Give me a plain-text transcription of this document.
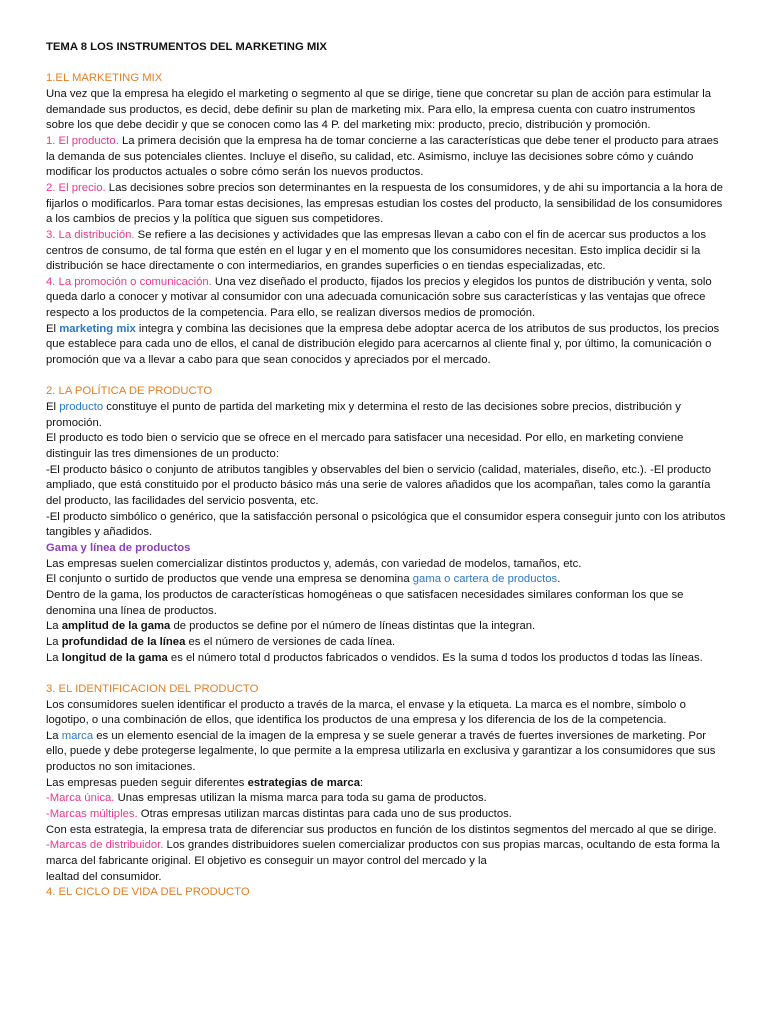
TEMA 8 LOS INSTRUMENTOS DEL MARKETING MIX

1.EL MARKETING MIX

Una vez que la empresa ha elegido el marketing o segmento al que se dirige, tiene que concretar su plan de acción para estimular la demandade sus productos, es decid, debe definir su plan de marketing mix. Para ello, la empresa cuenta con cuatro instrumentos sobre los que debe decidir y que se conocen como las 4 P. del marketing mix: producto, precio, distribución y promoción.

1. El producto. La primera decisión que la empresa ha de tomar concierne a las características que debe tener el producto para atraes la demanda de sus potenciales clientes. Incluye el diseño, su calidad, etc. Asimismo, incluye las decisiones sobre cómo y cuándo modificar los productos actuales o sobre cómo serán los nuevos productos.

2. El precio. Las decisiones sobre precios son determinantes en la respuesta de los consumidores, y de ahi su importancia a la hora de fijarlos o modificarlos. Para tomar estas decisiones, las empresas estudian los costes del producto, la sensibilidad de los consumidores a los cambios de precios y la política que siguen sus competidores.

3. La distribución. Se refiere a las decisiones y actividades que las empresas llevan a cabo con el fin de acercar sus productos a los centros de consumo, de tal forma que estén en el lugar y en el momento que los consumidores necesitan. Esto implica decidir si la distribución se hace directamente o con intermediarios, en grandes superficies o en tiendas especializadas, etc.

4. La promoción o comunicación. Una vez diseñado el producto, fijados los precios y elegidos los puntos de distribución y venta, solo queda darlo a conocer y motivar al consumidor con una adecuada comunicación sobre sus características y las ventajas que ofrece respecto a los productos de la competencia. Para ello, se realizan diversos medios de promoción.

El marketing mix integra y combina las decisiones que la empresa debe adoptar acerca de los atributos de sus productos, los precios que establece para cada uno de ellos, el canal de distribución elegido para acercarnos al cliente final y, por último, la comunicación o promoción que va a llevar a cabo para que sean conocidos y apreciados por el mercado.

2. LA POLÍTICA DE PRODUCTO

El producto constituye el punto de partida del marketing mix y determina el resto de las decisiones sobre precios, distribución y promoción.

El producto es todo bien o servicio que se ofrece en el mercado para satisfacer una necesidad. Por ello, en marketing conviene distinguir las tres dimensiones de un producto:

-El producto básico o conjunto de atributos tangibles y observables del bien o servicio (calidad, materiales, diseño, etc.). -El producto ampliado, que está constituido por el producto básico más una serie de valores añadidos que los acompañan, tales como la garantía del producto, las facilidades del servicio posventa, etc.

-El producto simbólico o genérico, que la satisfacción personal o psicológica que el consumidor espera conseguir junto con los atributos tangibles y añadidos.

Gama y línea de productos

Las empresas suelen comercializar distintos productos y, además, con variedad de modelos, tamaños, etc.

El conjunto o surtido de productos que vende una empresa se denomina gama o cartera de productos.

Dentro de la gama, los productos de características homogéneas o que satisfacen necesidades similares conforman los que se denomina una línea de productos.

La amplitud de la gama de productos se define por el número de líneas distintas que la integran.

La profundidad de la línea es el número de versiones de cada línea.

La longitud de la gama es el número total d productos fabricados o vendidos. Es la suma d todos los productos d todas las líneas.

3. EL IDENTIFICACION DEL PRODUCTO

Los consumidores suelen identificar el producto a través de la marca, el envase y la etiqueta. La marca es el nombre, símbolo o logotipo, o una combinación de ellos, que identifica los productos de una empresa y los diferencia de los de la competencia.

La marca es un elemento esencial de la imagen de la empresa y se suele generar a través de fuertes inversiones de marketing. Por ello, puede y debe protegerse legalmente, lo que permite a la empresa utilizarla en exclusiva y garantizar a los consumidores que sus productos no son imitaciones.

Las empresas pueden seguir diferentes estrategias de marca:

-Marca única. Unas empresas utilizan la misma marca para toda su gama de productos.

-Marcas múltiples. Otras empresas utilizan marcas distintas para cada uno de sus productos.

Con esta estrategia, la empresa trata de diferenciar sus productos en función de los distintos segmentos del mercado al que se dirige.

-Marcas de distribuidor. Los grandes distribuidores suelen comercializar productos con sus propias marcas, ocultando de esta forma la marca del fabricante original. El objetivo es conseguir un mayor control del mercado y la

lealtad del consumidor.

4. EL CICLO DE VIDA DEL PRODUCTO
